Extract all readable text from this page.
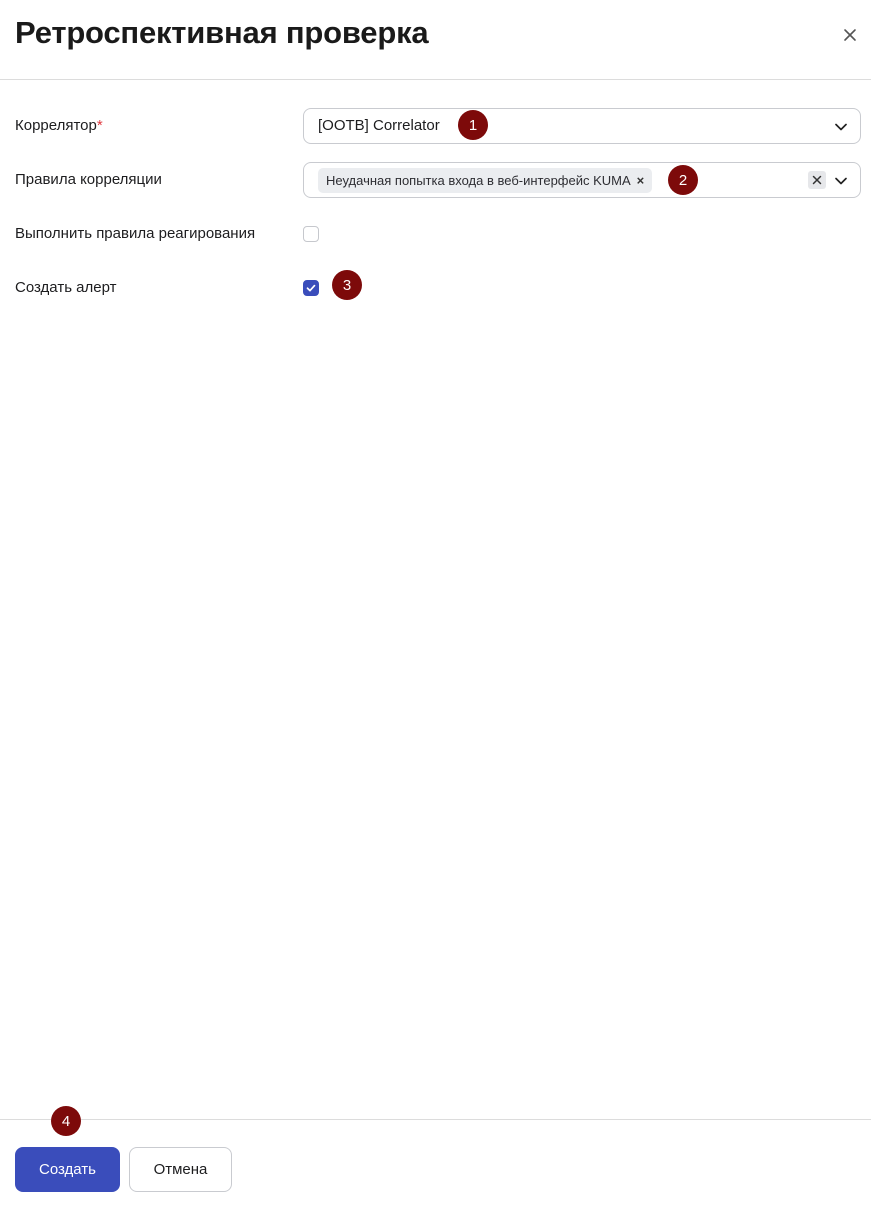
Ретроспективная проверка
Коррелятор*	[OOTB] Correlator	1
Правила корреляции	Неудачная попытка входа в веб-интерфейс KUMA ×	2
Выполнить правила реагирования
Создать алерт	3
4
Создать	Отмена
